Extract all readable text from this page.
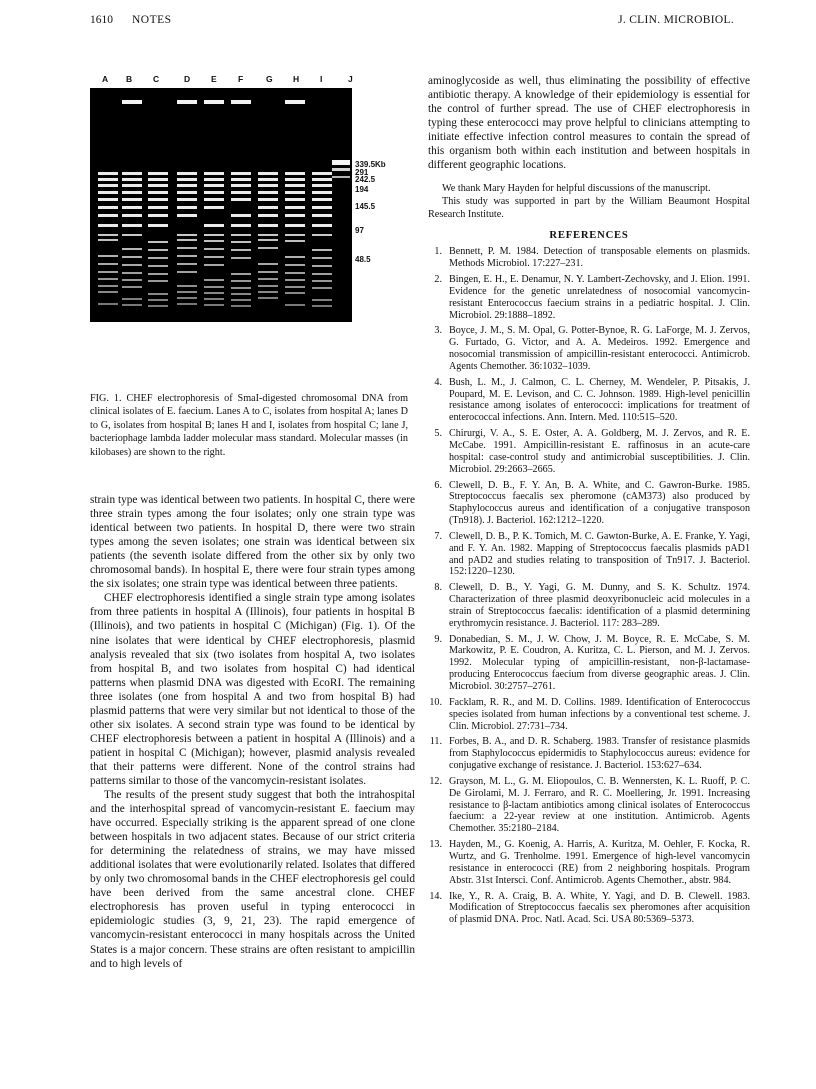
1610 NOTES	J. CLIN. MICROBIOL.
A B C	D E	F	G H I	J
339.5Kb
291
242.5
194
145.5
97
48.5
FIG. 1. CHEF electrophoresis of SmaI-digested chromosomal DNA from clinical isolates of E. faecium. Lanes A to C, isolates from hospital A; lanes D to G, isolates from hospital B; lanes H and I, isolates from hospital C; lane J, bacteriophage lambda ladder molecular mass standard. Molecular masses (in kilobases) are shown to the right.

strain type was identical between two patients. In hospital C, there were three strain types among the four isolates; only one strain type was identical between two patients. In hospital D, there were two strain types among the seven isolates; one strain was identical between six patients (the seventh isolate differed from the other six by only two chromosomal bands). In hospital E, there were four strain types among the six isolates; one strain type was identical between three patients.

CHEF electrophoresis identified a single strain type among isolates from three patients in hospital A (Illinois), four patients in hospital B (Illinois), and two patients in hospital C (Michigan) (Fig. 1). Of the nine isolates that were identical by CHEF electrophoresis, plasmid analysis revealed that six (two isolates from hospital A, two isolates from hospital B, and two isolates from hospital C) had identical patterns when plasmid DNA was digested with EcoRI. The remaining three isolates (one from hospital A and two from hospital B) had plasmid patterns that were very similar but not identical to those of the other six isolates. A second strain type was found to be identical by CHEF electrophoresis between a patient in hospital A (Illinois) and a patient in hospital C (Michigan); however, plasmid analysis revealed that their patterns were different. None of the control strains had patterns similar to those of the vancomycin-resistant isolates.

The results of the present study suggest that both the intrahospital and the interhospital spread of vancomycin-resistant E. faecium may have occurred. Especially striking is the apparent spread of one clone between hospitals in two adjacent states. Because of our strict criteria for determining the relatedness of strains, we may have missed additional isolates that were evolutionarily related. Isolates that differed by only two chromosomal bands in the CHEF electrophoresis gel could have been derived from the same ancestral clone. CHEF electrophoresis has proven useful in typing enterococci in epidemiologic studies (3, 9, 21, 23). The rapid emergence of vancomycin-resistant enterococci in many hospitals across the United States is a major concern. These strains are often resistant to ampicillin and to high levels of

aminoglycoside as well, thus eliminating the possibility of effective antibiotic therapy. A knowledge of their epidemiology is essential for the control of further spread. The use of CHEF electrophoresis in typing these enterococci may prove helpful to clinicians attempting to initiate effective infection control measures to contain the spread of this organism both within each institution and between hospitals in different geographic locations.

We thank Mary Hayden for helpful discussions of the manuscript.

This study was supported in part by the William Beaumont Hospital Research Institute.

REFERENCES
1. Bennett, P. M. 1984. Detection of transposable elements on plasmids. Methods Microbiol. 17:227–231.
2. Bingen, E. H., E. Denamur, N. Y. Lambert-Zechovsky, and J. Elion. 1991. Evidence for the genetic unrelatedness of nosocomial vancomycin-resistant Enterococcus faecium strains in a pediatric hospital. J. Clin. Microbiol. 29:1888–1892.
3. Boyce, J. M., S. M. Opal, G. Potter-Bynoe, R. G. LaForge, M. J. Zervos, G. Furtado, G. Victor, and A. A. Medeiros. 1992. Emergence and nosocomial transmission of ampicillin-resistant enterococci. Antimicrob. Agents Chemother. 36:1032–1039.
4. Bush, L. M., J. Calmon, C. L. Cherney, M. Wendeler, P. Pitsakis, J. Poupard, M. E. Levison, and C. C. Johnson. 1989. High-level penicillin resistance among isolates of enterococci: implications for treatment of enterococcal infections. Ann. Intern. Med. 110:515–520.
5. Chirurgi, V. A., S. E. Oster, A. A. Goldberg, M. J. Zervos, and R. E. McCabe. 1991. Ampicillin-resistant E. raffinosus in an acute-care hospital: case-control study and antimicrobial susceptibilities. J. Clin. Microbiol. 29:2663–2665.
6. Clewell, D. B., F. Y. An, B. A. White, and C. Gawron-Burke. 1985. Streptococcus faecalis sex pheromone (cAM373) also produced by Staphylococcus aureus and identification of a conjugative transposon (Tn918). J. Bacteriol. 162:1212–1220.
7. Clewell, D. B., P. K. Tomich, M. C. Gawton-Burke, A. E. Franke, Y. Yagi, and F. Y. An. 1982. Mapping of Streptococcus faecalis plasmids pAD1 and pAD2 and studies relating to transposition of Tn917. J. Bacteriol. 152:1220–1230.
8. Clewell, D. B., Y. Yagi, G. M. Dunny, and S. K. Schultz. 1974. Characterization of three plasmid deoxyribonucleic acid molecules in a strain of Streptococcus faecalis: identification of a plasmid determining erythromycin resistance. J. Bacteriol. 117: 283–289.
9. Donabedian, S. M., J. W. Chow, J. M. Boyce, R. E. McCabe, S. M. Markowitz, P. E. Coudron, A. Kuritza, C. L. Pierson, and M. J. Zervos. 1992. Molecular typing of ampicillin-resistant, non-β-lactamase-producing Enterococcus faecium from diverse geographic areas. J. Clin. Microbiol. 30:2757–2761.
10. Facklam, R. R., and M. D. Collins. 1989. Identification of Enterococcus species isolated from human infections by a conventional test scheme. J. Clin. Microbiol. 27:731–734.
11. Forbes, B. A., and D. R. Schaberg. 1983. Transfer of resistance plasmids from Staphylococcus epidermidis to Staphylococcus aureus: evidence for conjugative exchange of resistance. J. Bacteriol. 153:627–634.
12. Grayson, M. L., G. M. Eliopoulos, C. B. Wennersten, K. L. Ruoff, P. C. De Girolami, M. J. Ferraro, and R. C. Moellering, Jr. 1991. Increasing resistance to β-lactam antibiotics among clinical isolates of Enterococcus faecium: a 22-year review at one institution. Antimicrob. Agents Chemother. 35:2180–2184.
13. Hayden, M., G. Koenig, A. Harris, A. Kuritza, M. Oehler, F. Kocka, R. Wurtz, and G. Trenholme. 1991. Emergence of high-level vancomycin resistance in enterococci (RE) from 2 neighboring hospitals. Program Abstr. 31st Intersci. Conf. Antimicrob. Agents Chemother., abstr. 984.
14. Ike, Y., R. A. Craig, B. A. White, Y. Yagi, and D. B. Clewell. 1983. Modification of Streptococcus faecalis sex pheromones after acquisition of plasmid DNA. Proc. Natl. Acad. Sci. USA 80:5369–5373.
